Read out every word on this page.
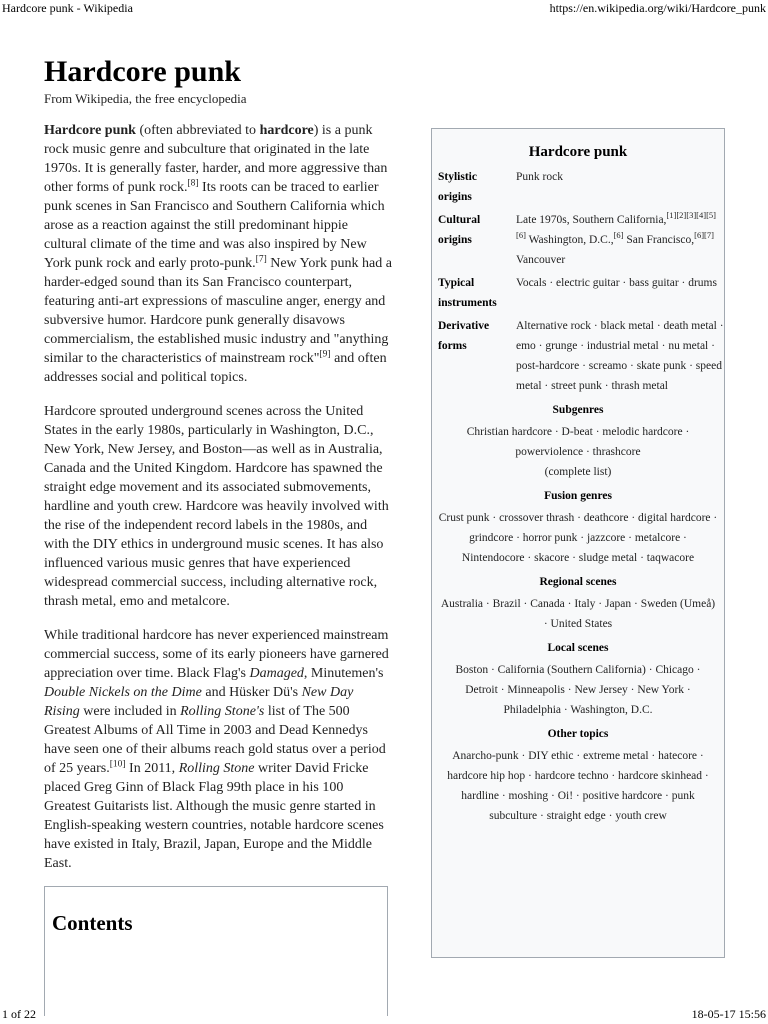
Hardcore punk - Wikipedia	https://en.wikipedia.org/wiki/Hardcore_punk
Hardcore punk
From Wikipedia, the free encyclopedia

Hardcore punk (often abbreviated to hardcore) is a punk rock music genre and subculture that originated in the late 1970s. It is generally faster, harder, and more aggressive than other forms of punk rock.[8] Its roots can be traced to earlier punk scenes in San Francisco and Southern California which arose as a reaction against the still predominant hippie cultural climate of the time and was also inspired by New York punk rock and early proto-punk.[7] New York punk had a harder-edged sound than its San Francisco counterpart, featuring anti-art expressions of masculine anger, energy and subversive humor. Hardcore punk generally disavows commercialism, the established music industry and "anything similar to the characteristics of mainstream rock"[9] and often addresses social and political topics.

Hardcore sprouted underground scenes across the United States in the early 1980s, particularly in Washington, D.C., New York, New Jersey, and Boston—as well as in Australia, Canada and the United Kingdom. Hardcore has spawned the straight edge movement and its associated submovements, hardline and youth crew. Hardcore was heavily involved with the rise of the independent record labels in the 1980s, and with the DIY ethics in underground music scenes. It has also influenced various music genres that have experienced widespread commercial success, including alternative rock, thrash metal, emo and metalcore.

While traditional hardcore has never experienced mainstream commercial success, some of its early pioneers have garnered appreciation over time. Black Flag's Damaged, Minutemen's Double Nickels on the Dime and Hüsker Dü's New Day Rising were included in Rolling Stone's list of The 500 Greatest Albums of All Time in 2003 and Dead Kennedys have seen one of their albums reach gold status over a period of 25 years.[10] In 2011, Rolling Stone writer David Fricke placed Greg Ginn of Black Flag 99th place in his 100 Greatest Guitarists list. Although the music genre started in English-speaking western countries, notable hardcore scenes have existed in Italy, Brazil, Japan, Europe and the Middle East.

Contents
Hardcore punk
Stylistic origins
Punk rock
Cultural origins
Late 1970s, Southern California,[1][2][3][4][5][6] Washington, D.C.,[6] San Francisco,[6][7] Vancouver
Typical instruments
Vocals · electric guitar · bass guitar · drums
Derivative forms
Alternative rock · black metal · death metal · emo · grunge · industrial metal · nu metal · post-hardcore · screamo · skate punk · speed metal · street punk · thrash metal
Subgenres
Christian hardcore · D-beat · melodic hardcore · powerviolence · thrashcore
(complete list)
Fusion genres
Crust punk · crossover thrash · deathcore · digital hardcore · grindcore · horror punk · jazzcore · metalcore · Nintendocore · skacore · sludge metal · taqwacore
Regional scenes
Australia · Brazil · Canada · Italy · Japan · Sweden (Umeå) · United States
Local scenes
Boston · California (Southern California) · Chicago · Detroit · Minneapolis · New Jersey · New York · Philadelphia · Washington, D.C.
Other topics
Anarcho-punk · DIY ethic · extreme metal · hatecore · hardcore hip hop · hardcore techno · hardcore skinhead · hardline · moshing · Oi! · positive hardcore · punk subculture · straight edge · youth crew
1 of 22	18-05-17 15:56
